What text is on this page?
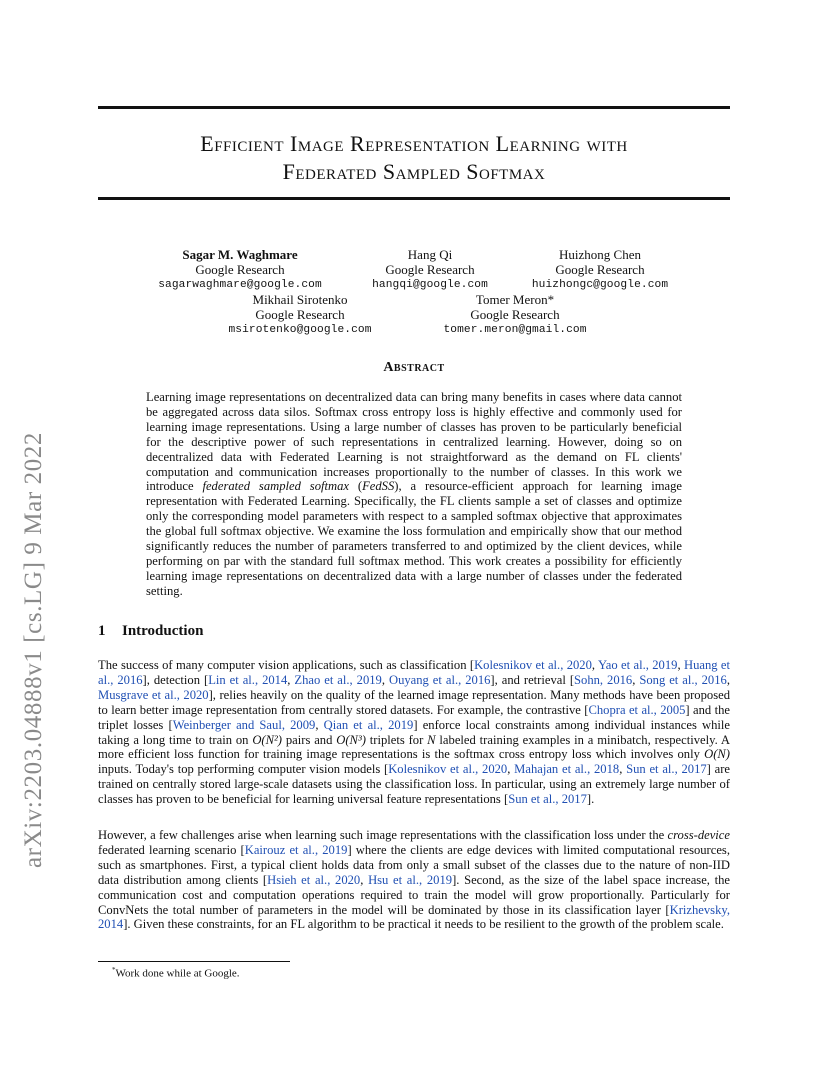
Efficient Image Representation Learning with
Federated Sampled Softmax
Sagar M. Waghmare
Google Research
sagarwaghmare@google.com
Hang Qi
Google Research
hangqi@google.com
Huizhong Chen
Google Research
huizhongc@google.com
Mikhail Sirotenko
Google Research
msirotenko@google.com
Tomer Meron*
Google Research
tomer.meron@gmail.com
arXiv:2203.04888v1 [cs.LG] 9 Mar 2022
Abstract
Learning image representations on decentralized data can bring many benefits in cases where data cannot be aggregated across data silos. Softmax cross entropy loss is highly effective and commonly used for learning image representations. Using a large number of classes has proven to be particularly beneficial for the descriptive power of such representations in centralized learning. However, doing so on decentralized data with Federated Learning is not straightforward as the demand on FL clients' computation and communication increases proportionally to the number of classes. In this work we introduce federated sampled softmax (FedSS), a resource-efficient approach for learning image representation with Federated Learning. Specifically, the FL clients sample a set of classes and optimize only the corresponding model parameters with respect to a sampled softmax objective that approximates the global full softmax objective. We examine the loss formulation and empirically show that our method significantly reduces the number of parameters transferred to and optimized by the client devices, while performing on par with the standard full softmax method. This work creates a possibility for efficiently learning image representations on decentralized data with a large number of classes under the federated setting.
1 Introduction
The success of many computer vision applications, such as classification [Kolesnikov et al., 2020, Yao et al., 2019, Huang et al., 2016], detection [Lin et al., 2014, Zhao et al., 2019, Ouyang et al., 2016], and retrieval [Sohn, 2016, Song et al., 2016, Musgrave et al., 2020], relies heavily on the quality of the learned image representation. Many methods have been proposed to learn better image representation from centrally stored datasets. For example, the contrastive [Chopra et al., 2005] and the triplet losses [Weinberger and Saul, 2009, Qian et al., 2019] enforce local constraints among individual instances while taking a long time to train on O(N²) pairs and O(N³) triplets for N labeled training examples in a minibatch, respectively. A more efficient loss function for training image representations is the softmax cross entropy loss which involves only O(N) inputs. Today's top performing computer vision models [Kolesnikov et al., 2020, Mahajan et al., 2018, Sun et al., 2017] are trained on centrally stored large-scale datasets using the classification loss. In particular, using an extremely large number of classes has proven to be beneficial for learning universal feature representations [Sun et al., 2017].
However, a few challenges arise when learning such image representations with the classification loss under the cross-device federated learning scenario [Kairouz et al., 2019] where the clients are edge devices with limited computational resources, such as smartphones. First, a typical client holds data from only a small subset of the classes due to the nature of non-IID data distribution among clients [Hsieh et al., 2020, Hsu et al., 2019]. Second, as the size of the label space increase, the communication cost and computation operations required to train the model will grow proportionally. Particularly for ConvNets the total number of parameters in the model will be dominated by those in its classification layer [Krizhevsky, 2014]. Given these constraints, for an FL algorithm to be practical it needs to be resilient to the growth of the problem scale.
*Work done while at Google.
